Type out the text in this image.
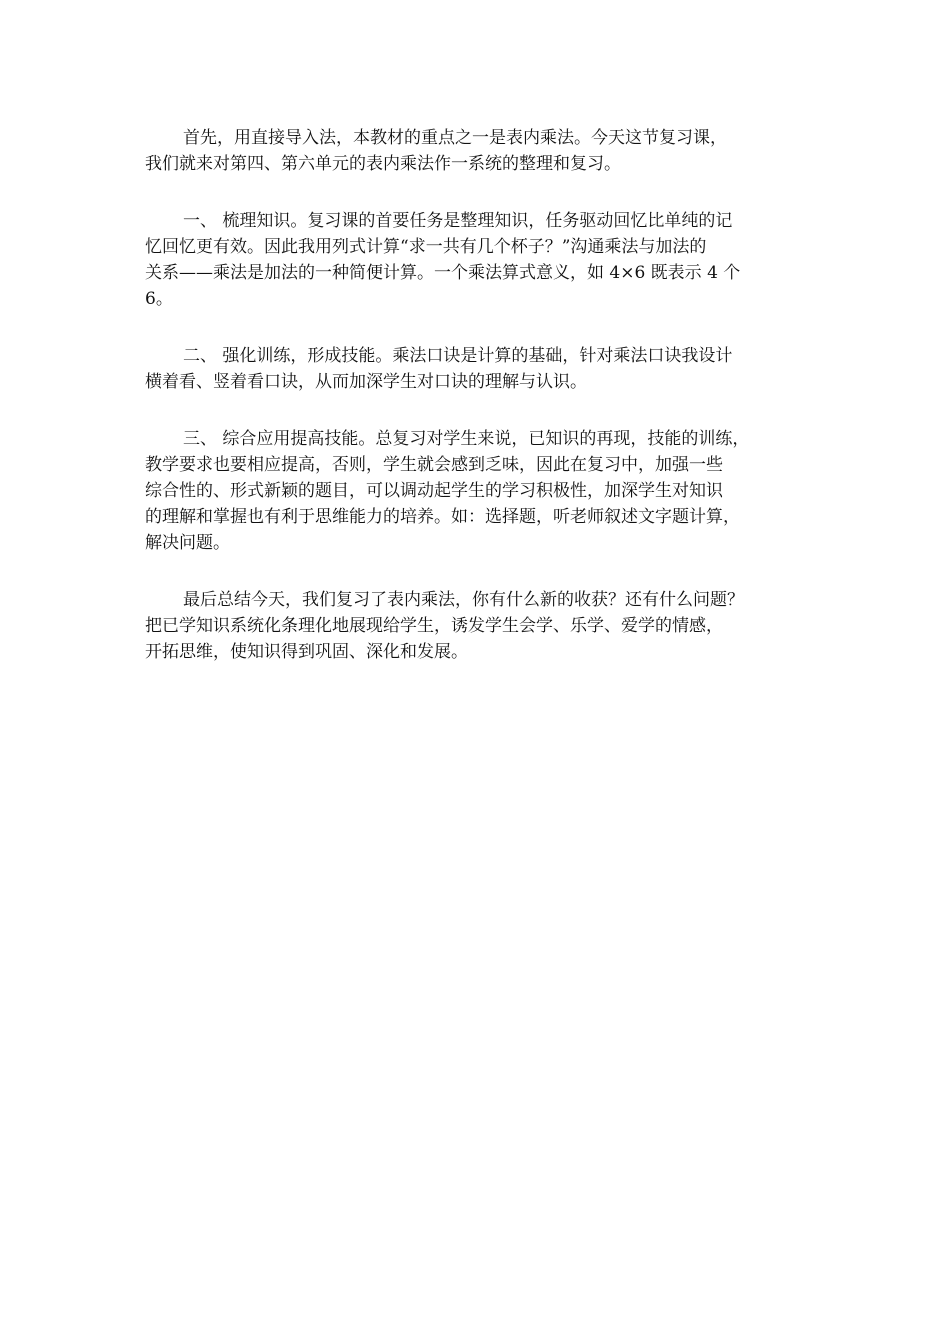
首先，用直接导入法，本教材的重点之一是表内乘法。今天这节复习课，
我们就来对第四、第六单元的表内乘法作一系统的整理和复习。
一、 梳理知识。复习课的首要任务是整理知识，任务驱动回忆比单纯的记
忆回忆更有效。因此我用列式计算“求一共有几个杯子？”沟通乘法与加法的
关系——乘法是加法的一种简便计算。一个乘法算式意义，如 4×6 既表示 4 个
6。
二、 强化训练，形成技能。乘法口诀是计算的基础，针对乘法口诀我设计
横着看、竖着看口诀，从而加深学生对口诀的理解与认识。
三、 综合应用提高技能。总复习对学生来说，已知识的再现，技能的训练，
教学要求也要相应提高，否则，学生就会感到乏味，因此在复习中，加强一些
综合性的、形式新颖的题目，可以调动起学生的学习积极性，加深学生对知识
的理解和掌握也有利于思维能力的培养。如：选择题，听老师叙述文字题计算，
解决问题。
最后总结今天，我们复习了表内乘法，你有什么新的收获？还有什么问题？
把已学知识系统化条理化地展现给学生，诱发学生会学、乐学、爱学的情感，
开拓思维，使知识得到巩固、深化和发展。
